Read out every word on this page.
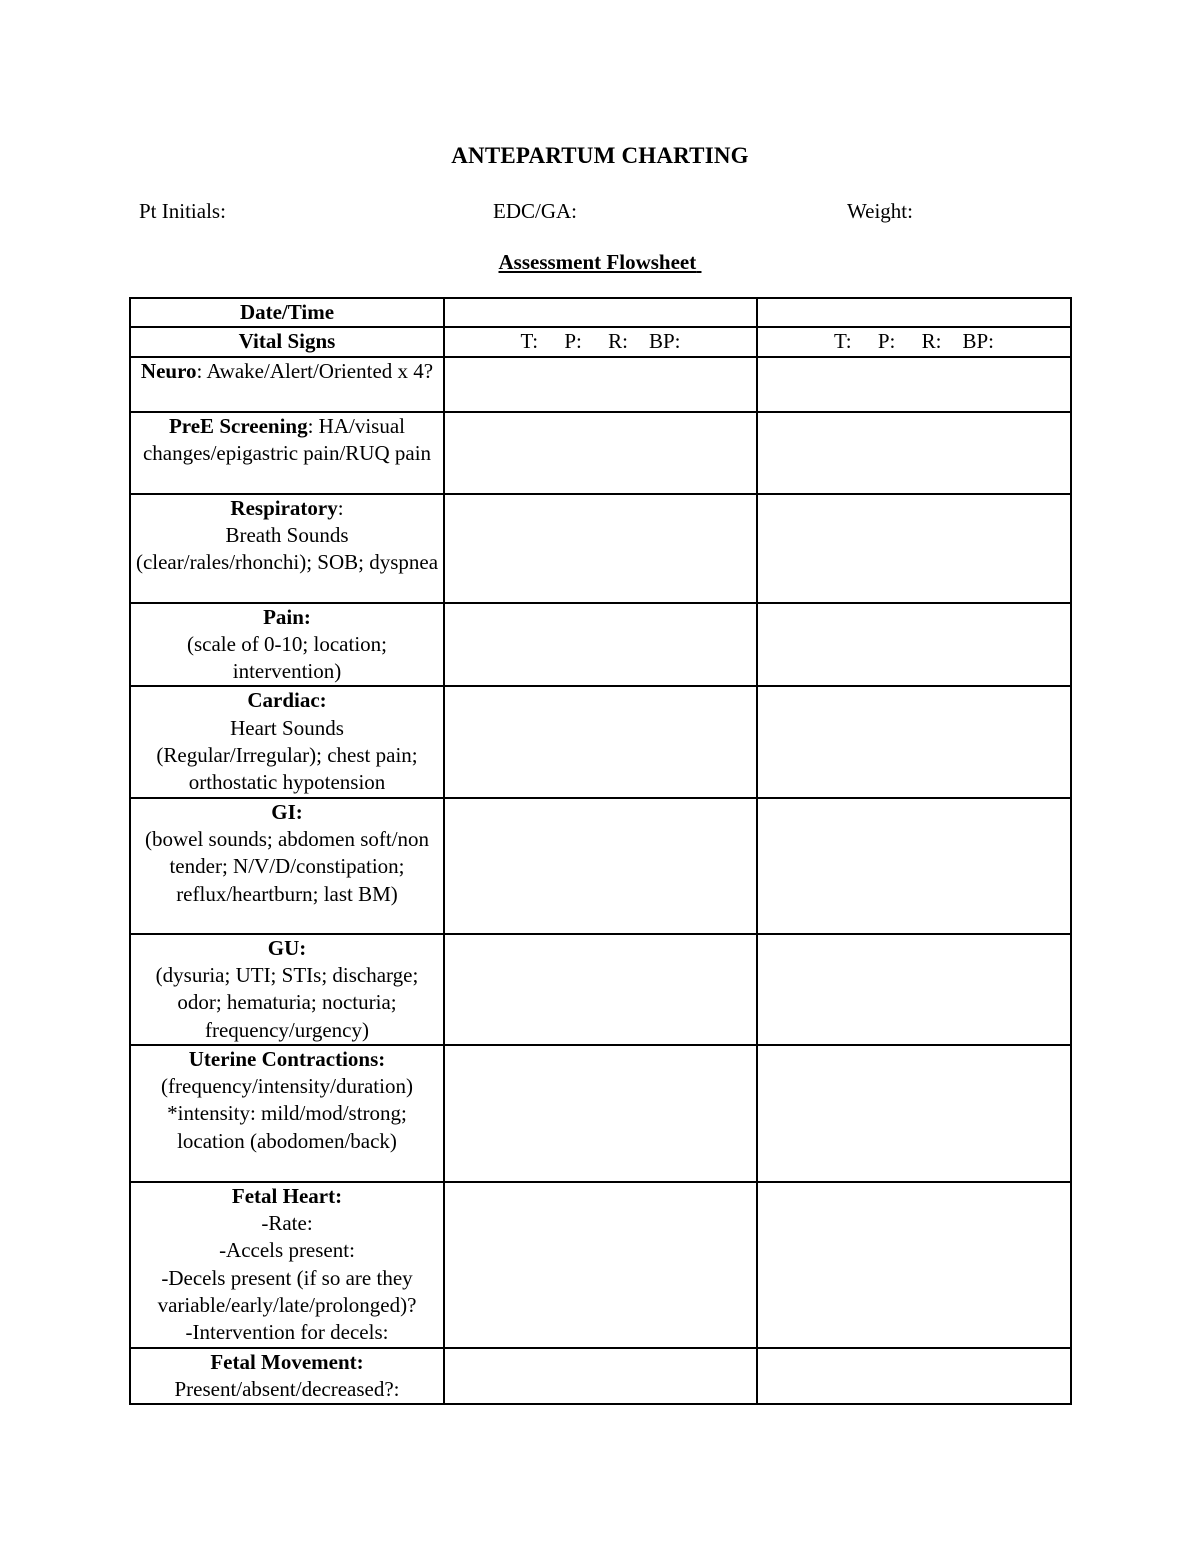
ANTEPARTUM CHARTING
Pt Initials:	EDC/GA:	Weight:
Assessment Flowsheet
Date/Time		
Vital Signs	T:     P:     R:    BP:	T:     P:     R:    BP:
Neuro: Awake/Alert/Oriented x 4?		
PreE Screening: HA/visual changes/epigastric pain/RUQ pain		

Respiratory:
Breath Sounds
(clear/rales/rhonchi); SOB; dyspnea		

Pain:
(scale of 0-10; location; intervention)		

Cardiac:
Heart Sounds
(Regular/Irregular); chest pain; orthostatic hypotension		

GI:
(bowel sounds; abdomen soft/non tender; N/V/D/constipation; reflux/heartburn; last BM)		

GU:
(dysuria; UTI; STIs; discharge; odor; hematuria; nocturia; frequency/urgency)		

Uterine Contractions:
(frequency/intensity/duration)
*intensity: mild/mod/strong; location (abodomen/back)		

Fetal Heart:
-Rate:
-Accels present:
-Decels present (if so are they variable/early/late/prolonged)?
-Intervention for decels:		

Fetal Movement:
Present/absent/decreased?:		
